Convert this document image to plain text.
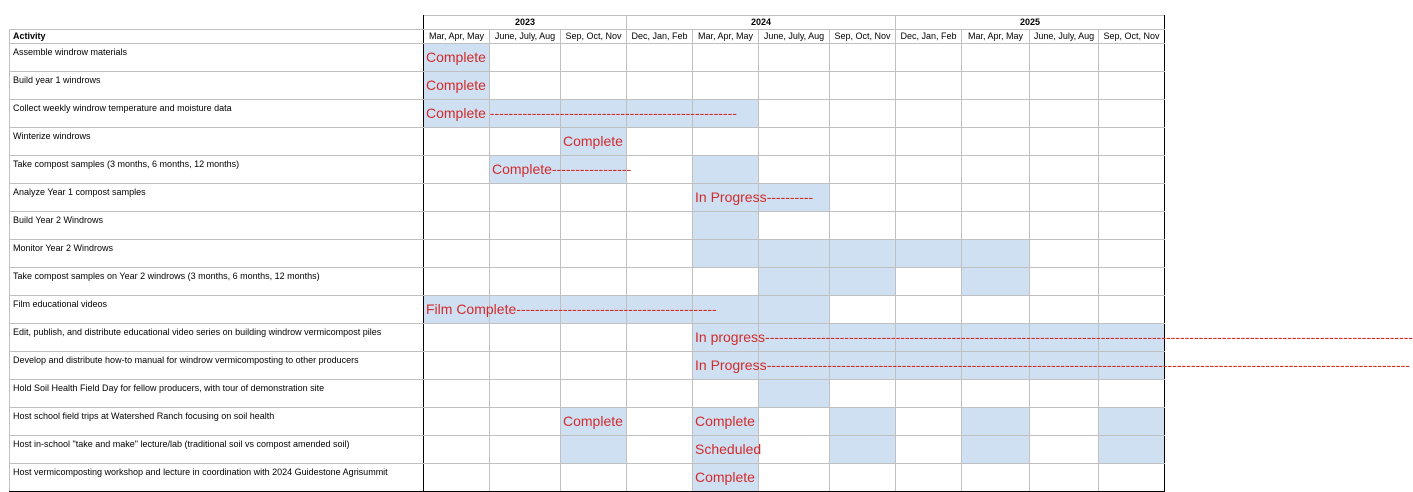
	2023			2024				2025			
Activity	Mar, Apr, May	June, July, Aug	Sep, Oct, Nov	Dec, Jan, Feb	Mar, Apr, May	June, July, Aug	Sep, Oct, Nov	Dec, Jan, Feb	Mar, Apr, May	June, July, Aug	Sep, Oct, Nov
Assemble windrow materials	Complete										

Build year 1 windrows	Complete										

Collect weekly windrow temperature and moisture data	Complete -----------------------------------------------------										

Winterize windrows			Complete								

Take compost samples (3 months, 6 months, 12 months)		Complete-----------------									

Analyze Year 1 compost samples					In Progress----------						

Build Year 2 Windrows											
Monitor Year 2 Windrows											
Take compost samples on Year 2 windrows (3 months, 6 months, 12 months)											
Film educational videos	Film Complete-------------------------------------------										

Edit, publish, and distribute educational video series on building windrow vermicompost piles					In progress-------------------------------------------------------------------------------------------------------------------------------------------						

Develop and distribute how-to manual for windrow vermicomposting to other producers					In Progress------------------------------------------------------------------------------------------------------------------------------------------						

Hold Soil Health Field Day for fellow producers, with tour of demonstration site											
Host school field trips at Watershed Ranch focusing on soil health			Complete		Complete						

Host in-school "take and make" lecture/lab (traditional soil vs compost amended soil)					Scheduled						

Host vermicomposting workshop and lecture in coordination with 2024 Guidestone Agrisummit					Complete						
